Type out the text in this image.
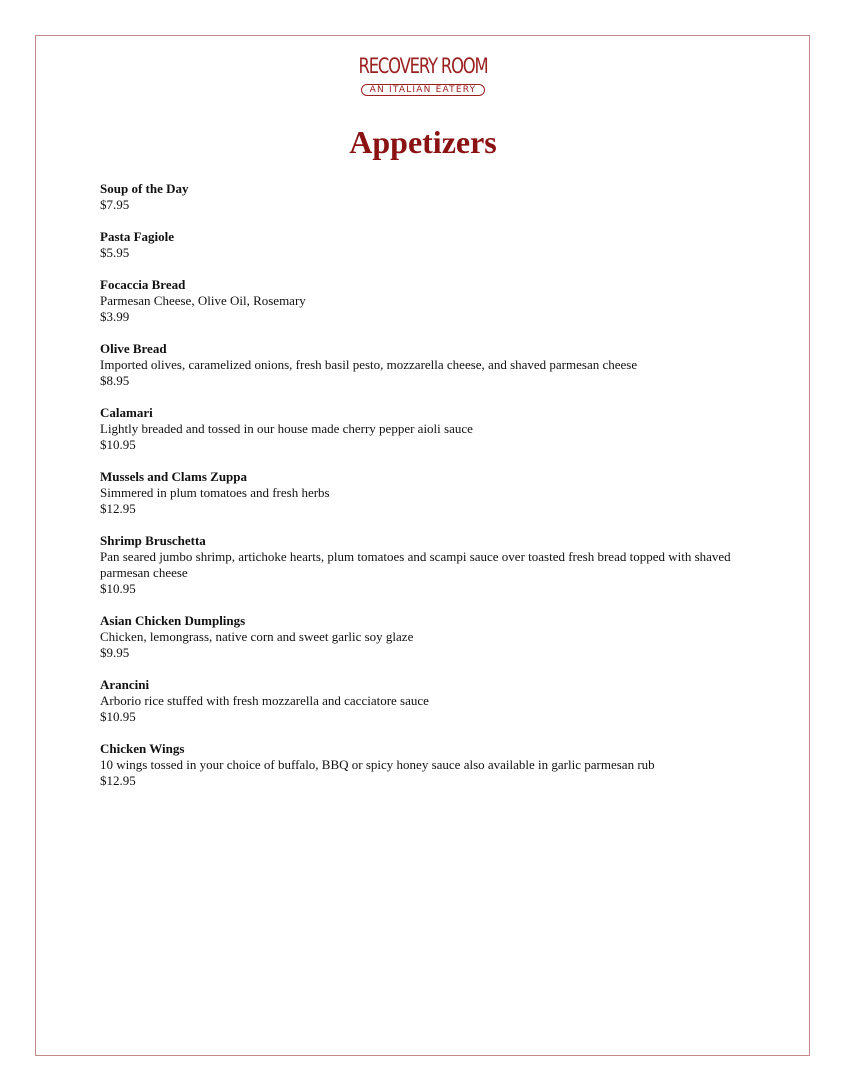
RECOVERY ROOM
AN ITALIAN EATERY
Appetizers
Soup of the Day
$7.95
Pasta Fagiole
$5.95
Focaccia Bread
Parmesan Cheese, Olive Oil, Rosemary
$3.99
Olive Bread
Imported olives, caramelized onions, fresh basil pesto, mozzarella cheese, and shaved parmesan cheese
$8.95
Calamari
Lightly breaded and tossed in our house made cherry pepper aioli sauce
$10.95
Mussels and Clams Zuppa
Simmered in plum tomatoes and fresh herbs
$12.95
Shrimp Bruschetta
Pan seared jumbo shrimp, artichoke hearts, plum tomatoes and scampi sauce over toasted fresh bread topped with shaved parmesan cheese
$10.95
Asian Chicken Dumplings
Chicken, lemongrass, native corn and sweet garlic soy glaze
$9.95
Arancini
Arborio rice stuffed with fresh mozzarella and cacciatore sauce
$10.95
Chicken Wings
10 wings tossed in your choice of buffalo, BBQ or spicy honey sauce also available in garlic parmesan rub
$12.95
